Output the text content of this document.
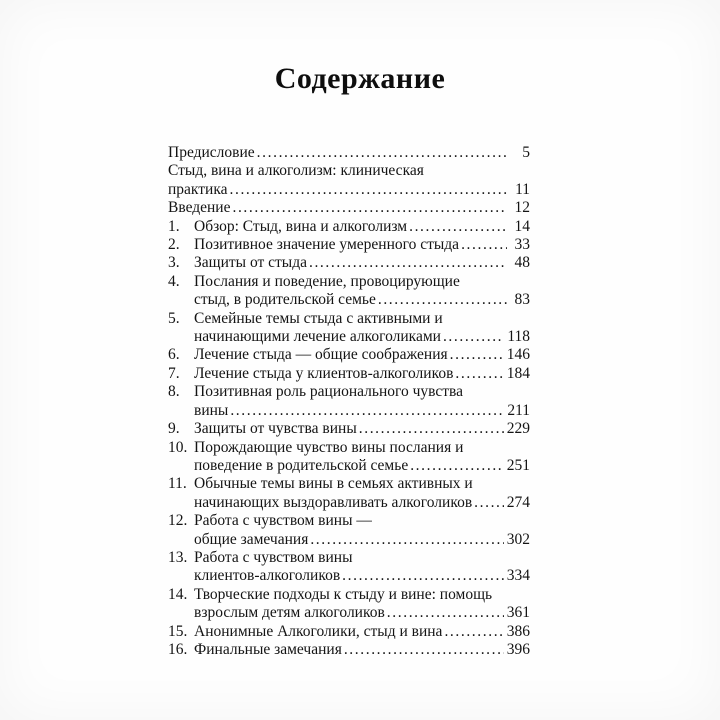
Содержание
Предисловие .....	5
Стыд, вина и алкоголизм: клиническая
практика .....	11
Введение .....	12
1. Обзор: Стыд, вина и алкоголизм .....	14
2. Позитивное значение умеренного стыда .....	33
3. Защиты от стыда .....	48
4. Послания и поведение, провоцирующие
стыд, в родительской семье .....	83
5. Семейные темы стыда с активными и
начинающими лечение алкоголиками .....	118
6. Лечение стыда — общие соображения .....	146
7. Лечение стыда у клиентов-алкоголиков .....	184
8. Позитивная роль рационального чувства
вины .....	211
9. Защиты от чувства вины .....	229
10. Порождающие чувство вины послания и
поведение в родительской семье .....	251
11. Обычные темы вины в семьях активных и
начинающих выздоравливать алкоголиков ..... 274
12. Работа с чувством вины —
общие замечания .....	302
13. Работа с чувством вины
клиентов-алкоголиков .....	334
14. Творческие подходы к стыду и вине: помощь
взрослым детям алкоголиков .....	361
15. Анонимные Алкоголики, стыд и вина .....	386
16. Финальные замечания .....	396
